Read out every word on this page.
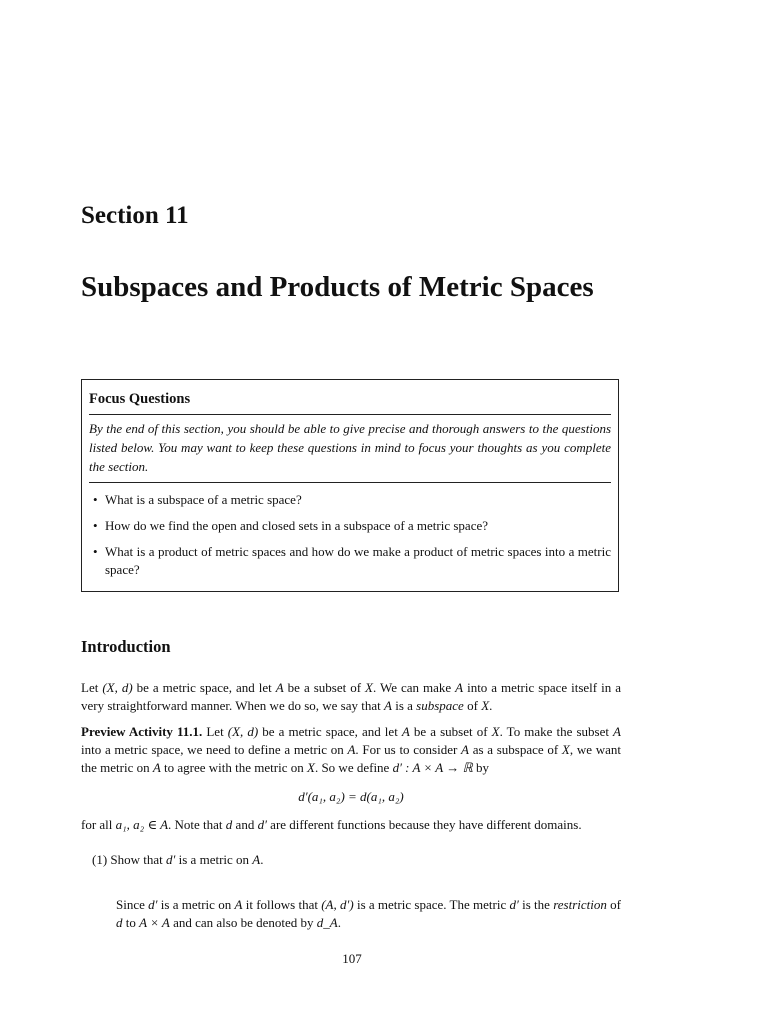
Section 11
Subspaces and Products of Metric Spaces

Focus Questions

By the end of this section, you should be able to give precise and thorough answers to the questions listed below. You may want to keep these questions in mind to focus your thoughts as you complete the section.

• What is a subspace of a metric space?
• How do we find the open and closed sets in a subspace of a metric space?
• What is a product of metric spaces and how do we make a product of metric spaces into a metric space?
Introduction

Let (X, d) be a metric space, and let A be a subset of X. We can make A into a metric space itself in a very straightforward manner. When we do so, we say that A is a subspace of X.

Preview Activity 11.1. Let (X, d) be a metric space, and let A be a subset of X. To make the subset A into a metric space, we need to define a metric on A. For us to consider A as a subspace of X, we want the metric on A to agree with the metric on X. So we define d′ : A × A → ℝ by

d′(a₁, a₂) = d(a₁, a₂)

for all a₁, a₂ ∈ A. Note that d and d′ are different functions because they have different domains.

(1) Show that d′ is a metric on A.

Since d′ is a metric on A it follows that (A, d′) is a metric space. The metric d′ is the restriction of d to A × A and can also be denoted by d_A.

107
